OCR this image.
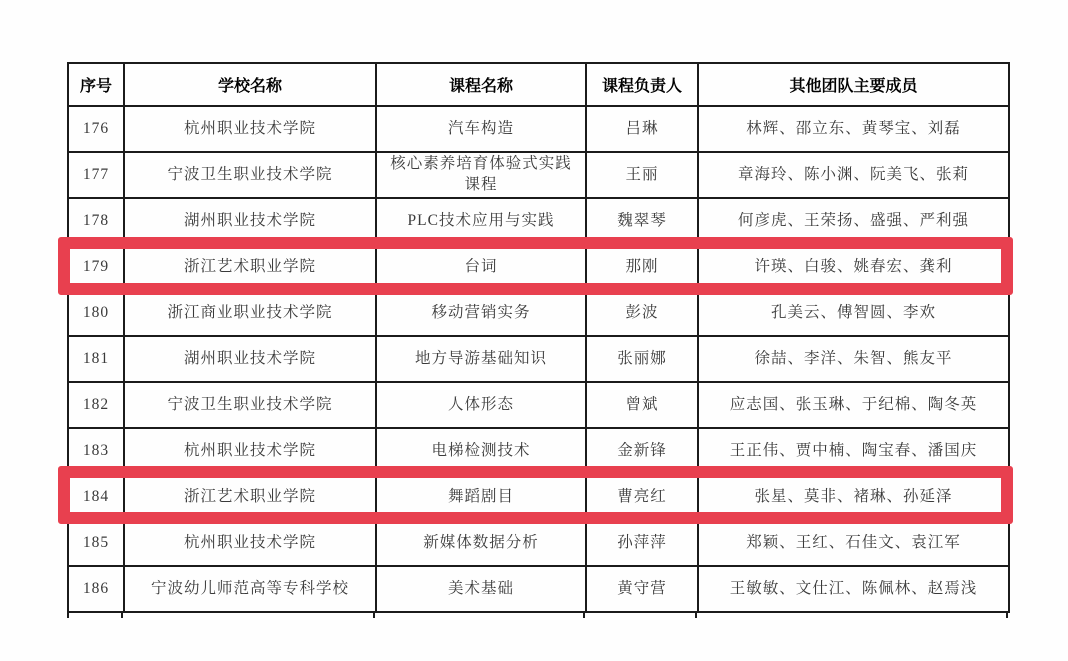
序号	学校名称	课程名称	课程负责人	其他团队主要成员
176	杭州职业技术学院	汽车构造	吕琳	林辉、邵立东、黄琴宝、刘磊
177	宁波卫生职业技术学院	核心素养培育体验式实践课程	王丽	章海玲、陈小渊、阮美飞、张莉
178	湖州职业技术学院	PLC技术应用与实践	魏翠琴	何彦虎、王荣扬、盛强、严利强
179	浙江艺术职业学院	台词	那刚	许瑛、白骏、姚春宏、龚利
180	浙江商业职业技术学院	移动营销实务	彭波	孔美云、傅智圆、李欢
181	湖州职业技术学院	地方导游基础知识	张丽娜	徐喆、李洋、朱智、熊友平
182	宁波卫生职业技术学院	人体形态	曾斌	应志国、张玉琳、于纪棉、陶冬英
183	杭州职业技术学院	电梯检测技术	金新锋	王正伟、贾中楠、陶宝春、潘国庆
184	浙江艺术职业学院	舞蹈剧目	曹亮红	张星、莫非、褚琳、孙延泽
185	杭州职业技术学院	新媒体数据分析	孙萍萍	郑颖、王红、石佳文、袁江军
186	宁波幼儿师范高等专科学校	美术基础	黄守营	王敏敏、文仕江、陈佩林、赵焉浅
